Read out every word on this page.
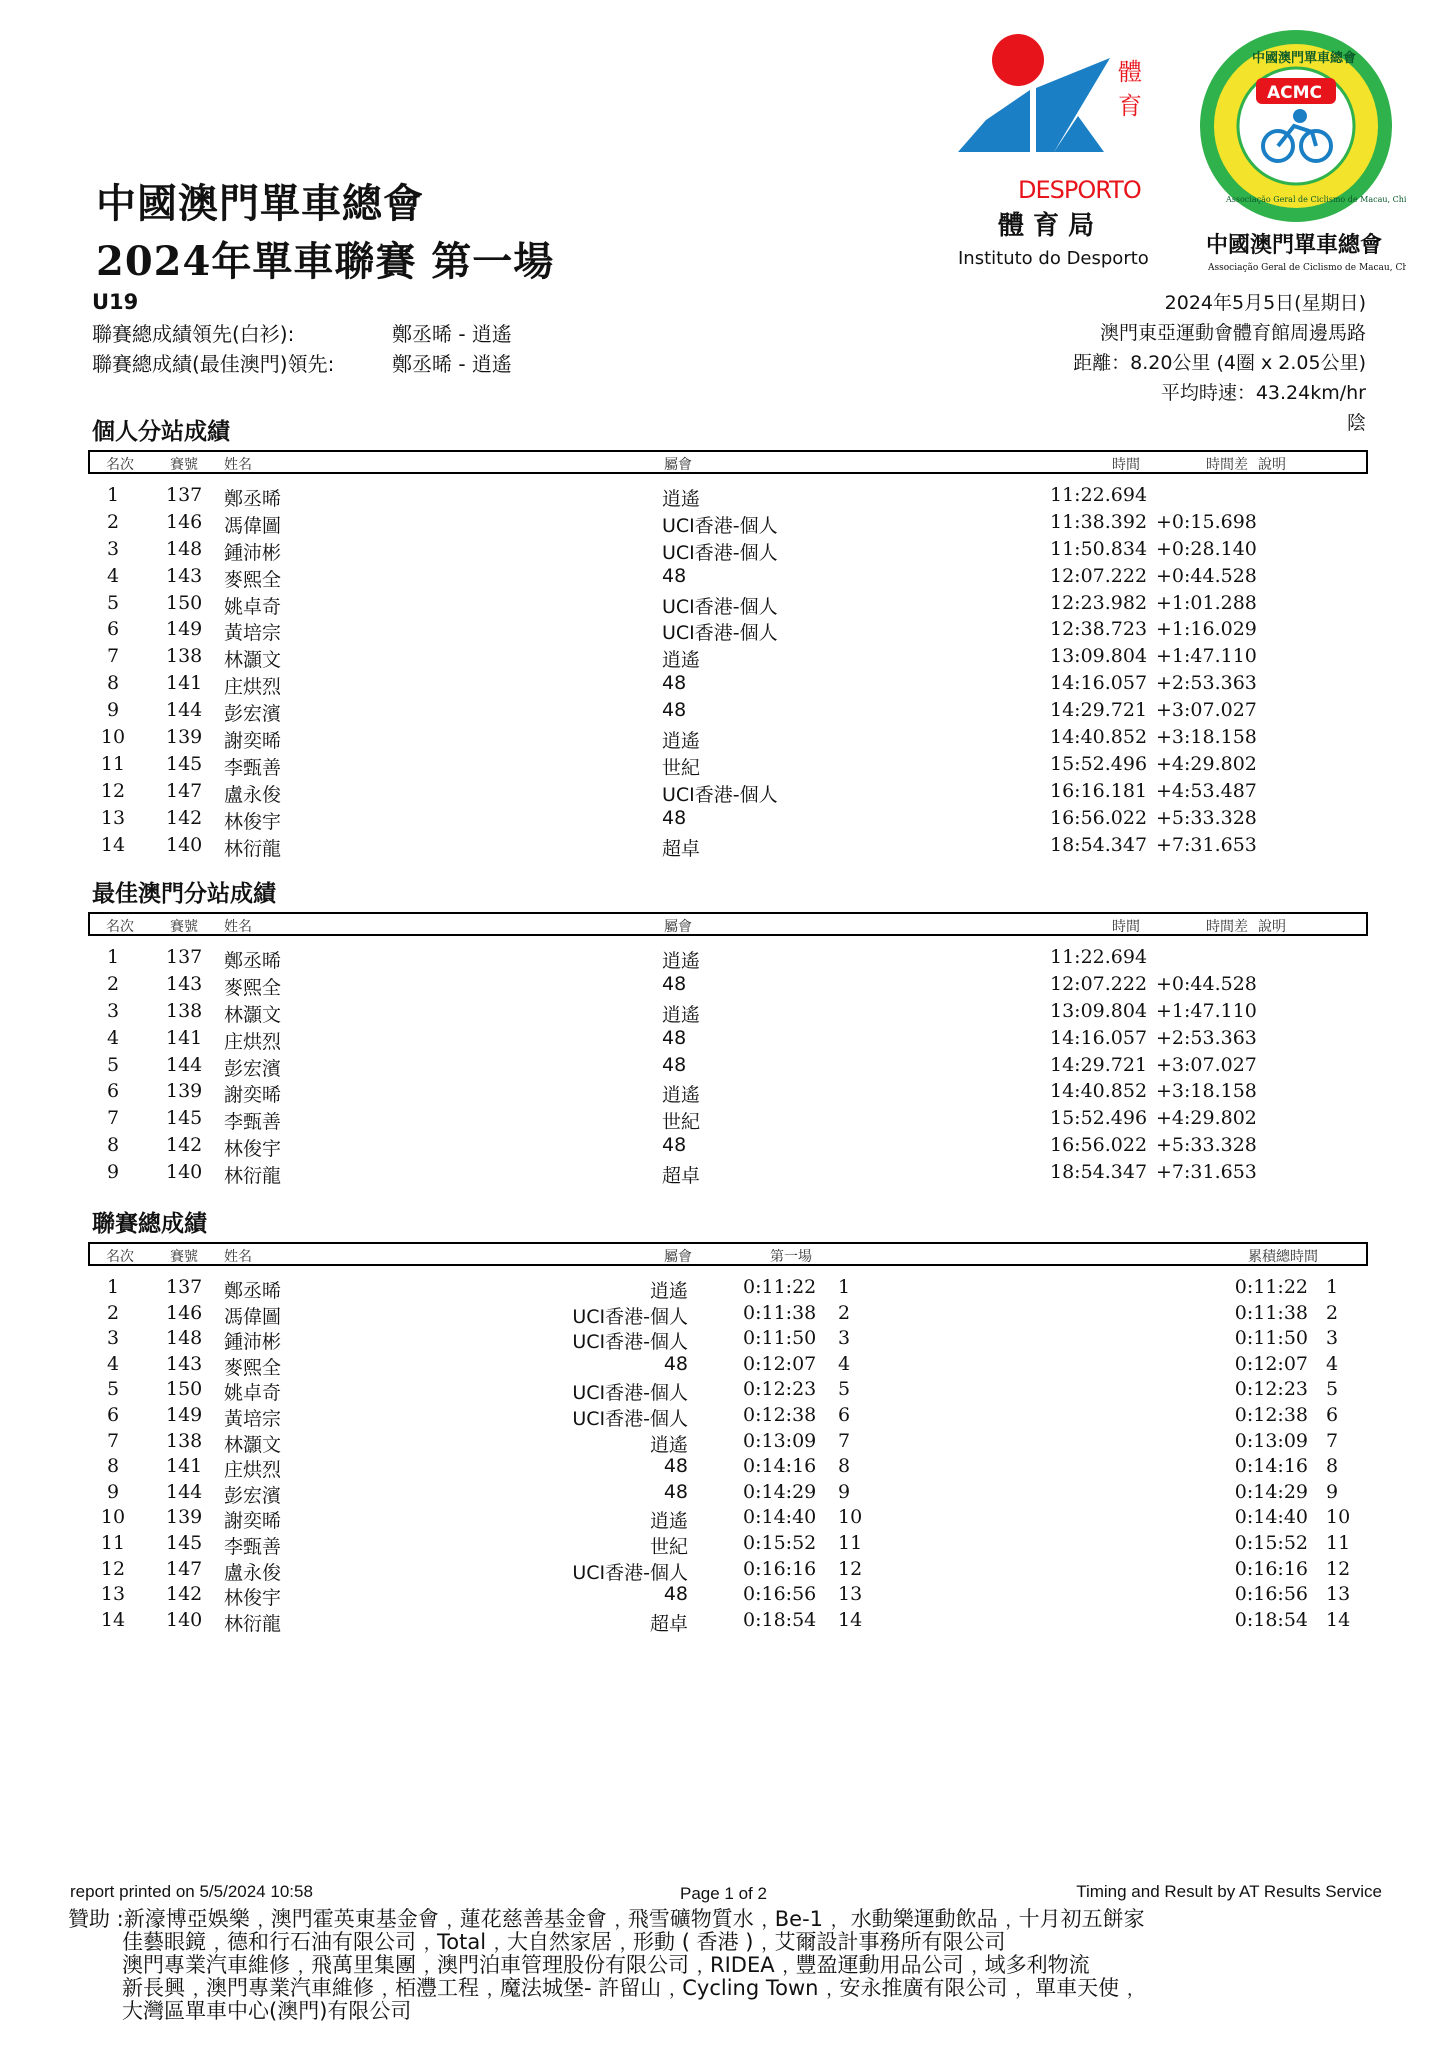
中國澳門單車總會
2024年單車聯賽 第一場
U19
聯賽總成績領先(白衫):	鄭丞晞 - 逍遙
聯賽總成績(最佳澳門)領先:	鄭丞晞 - 逍遙
體
育
DESPORTO
體 育 局
Instituto do Desporto
中國澳門單車總會
Associação Geral de Ciclismo de Macau, China
ACMC
中國澳門單車總會
Associação Geral de Ciclismo de Macau, China
2024年5月5日(星期日)
澳門東亞運動會體育館周邊馬路
距離：8.20公里 (4圈 x 2.05公里)
平均時速：43.24km/hr
陰
個人分站成績
名次	賽號 姓名	屬會	時間	時間差 說明
1	137 鄭丞晞	逍遙	11:22.694
2	146 馮偉圖	UCI香港-個人	11:38.392 +0:15.698
3	148 鍾沛彬	UCI香港-個人	11:50.834 +0:28.140
4	143 麥熙全	48	12:07.222 +0:44.528
5	150 姚卓奇	UCI香港-個人	12:23.982 +1:01.288
6	149 黃培宗	UCI香港-個人	12:38.723 +1:16.029
7	138 林灝文	逍遙	13:09.804 +1:47.110
8	141 庄烘烈	48	14:16.057 +2:53.363
9	144 彭宏濱	48	14:29.721 +3:07.027
10	139 謝奕晞	逍遙	14:40.852 +3:18.158
11	145 李甄善	世紀	15:52.496 +4:29.802
12	147 盧永俊	UCI香港-個人	16:16.181 +4:53.487
13	142 林俊宇	48	16:56.022 +5:33.328
14	140 林衍龍	超卓	18:54.347 +7:31.653
最佳澳門分站成績
名次	賽號 姓名	屬會	時間	時間差 說明
1	137 鄭丞晞	逍遙	11:22.694
2	143 麥熙全	48	12:07.222 +0:44.528
3	138 林灝文	逍遙	13:09.804 +1:47.110
4	141 庄烘烈	48	14:16.057 +2:53.363
5	144 彭宏濱	48	14:29.721 +3:07.027
6	139 謝奕晞	逍遙	14:40.852 +3:18.158
7	145 李甄善	世紀	15:52.496 +4:29.802
8	142 林俊宇	48	16:56.022 +5:33.328
9	140 林衍龍	超卓	18:54.347 +7:31.653
聯賽總成績
名次	賽號 姓名	屬會	第一場	累積總時間
1	137 鄭丞晞	逍遙	0:11:22 1	0:11:22 1
2	146 馮偉圖	UCI香港-個人	0:11:38 2	0:11:38 2
3	148 鍾沛彬	UCI香港-個人	0:11:50 3	0:11:50 3
4	143 麥熙全	48	0:12:07 4	0:12:07 4
5	150 姚卓奇	UCI香港-個人	0:12:23 5	0:12:23 5
6	149 黃培宗	UCI香港-個人	0:12:38 6	0:12:38 6
7	138 林灝文	逍遙	0:13:09 7	0:13:09 7
8	141 庄烘烈	48	0:14:16 8	0:14:16 8
9	144 彭宏濱	48	0:14:29 9	0:14:29 9
10	139 謝奕晞	逍遙	0:14:40 10	0:14:40 10
11	145 李甄善	世紀	0:15:52 11	0:15:52 11
12	147 盧永俊	UCI香港-個人	0:16:16 12	0:16:16 12
13	142 林俊宇	48	0:16:56 13	0:16:56 13
14	140 林衍龍	超卓	0:18:54 14	0:18:54 14
report printed on 5/5/2024 10:58	Page 1 of 2	Timing and Result by AT Results Service
贊助 :新濠博亞娛樂﹐澳門霍英東基金會﹐蓮花慈善基金會﹐飛雪礦物質水﹐Be-1﹐ 水動樂運動飲品﹐十月初五餅家
佳藝眼鏡﹐德和行石油有限公司﹐Total﹐大自然家居﹐形動 ( 香港 )﹐艾爾設計事務所有限公司
澳門專業汽車維修﹐飛萬里集團﹐澳門泊車管理股份有限公司﹐RIDEA﹐豐盈運動用品公司﹐域多利物流
新長興﹐澳門專業汽車維修﹐栢灃工程﹐魔法城堡- 許留山﹐Cycling Town﹐安永推廣有限公司﹐ 單車天使﹐
大灣區單車中心(澳門)有限公司
